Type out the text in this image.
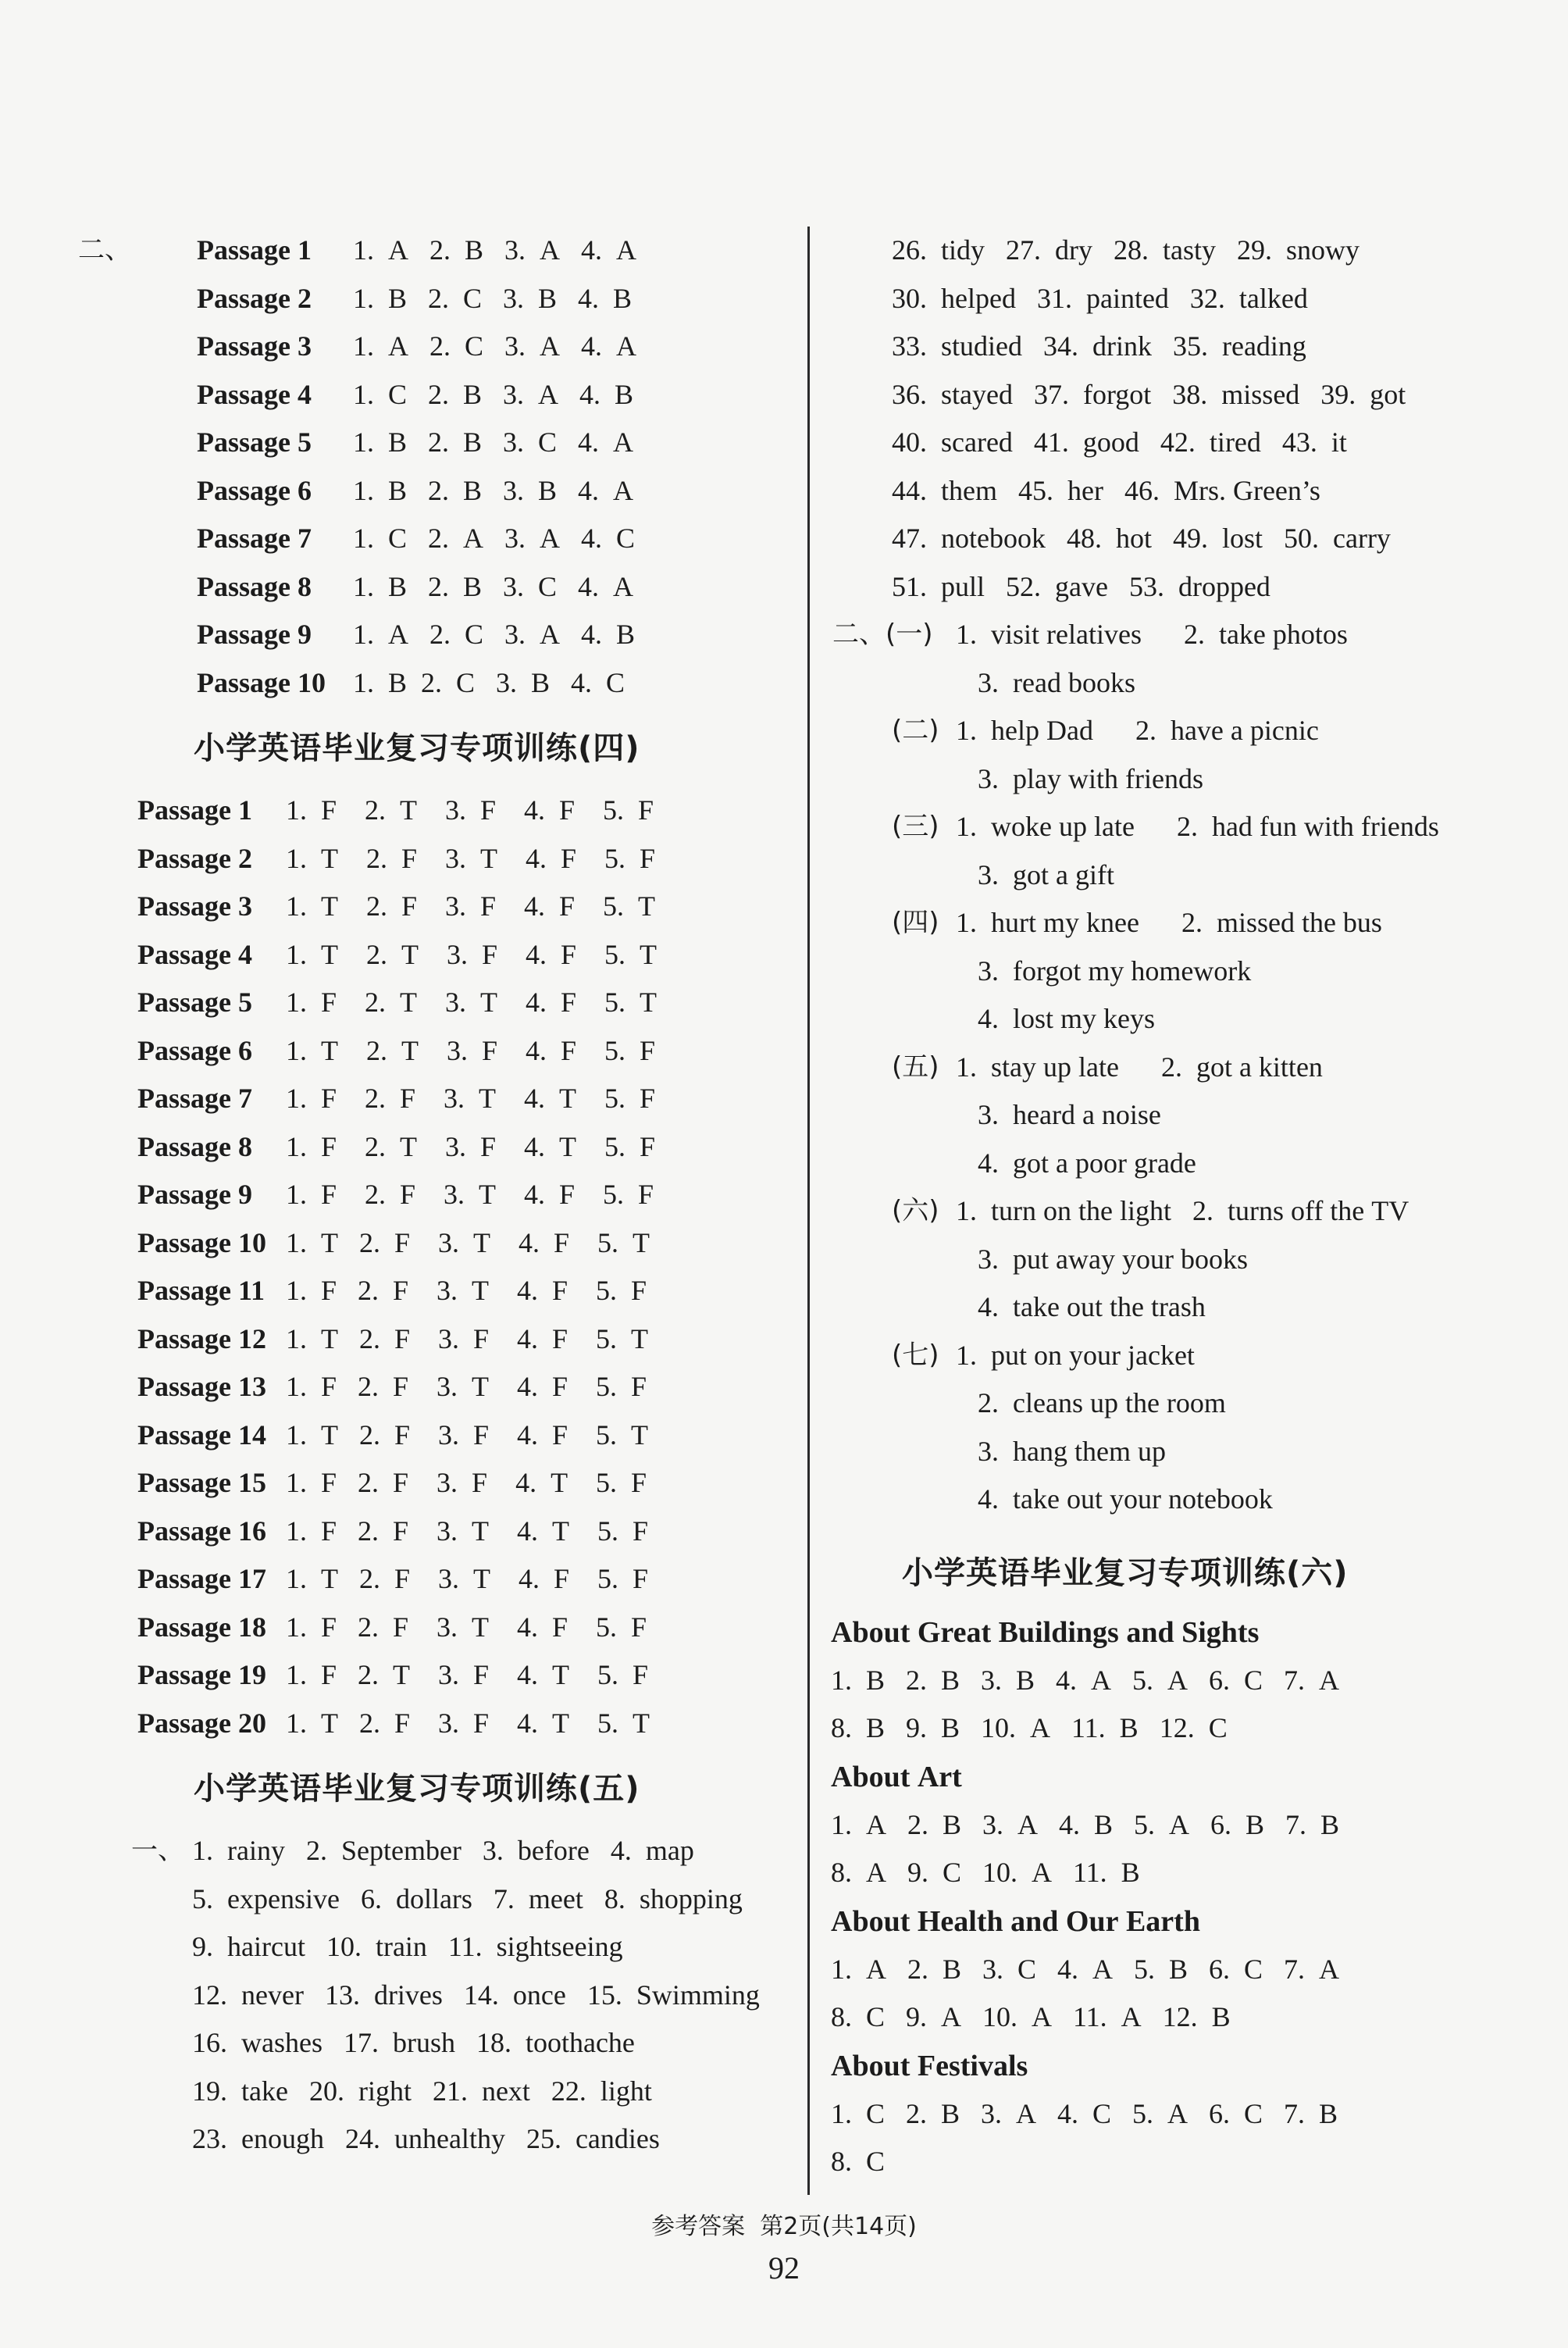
二、 Passage 1 1.  A   2.  B   3.  A   4.  A
Passage 2 1.  B   2.  C   3.  B   4.  B
Passage 3 1.  A   2.  C   3.  A   4.  A
Passage 4 1.  C   2.  B   3.  A   4.  B
Passage 5 1.  B   2.  B   3.  C   4.  A
Passage 6 1.  B   2.  B   3.  B   4.  A
Passage 7 1.  C   2.  A   3.  A   4.  C
Passage 8 1.  B   2.  B   3.  C   4.  A
Passage 9 1.  A   2.  C   3.  A   4.  B
Passage 10 1.  B  2.  C   3.  B   4.  C
小学英语毕业复习专项训练(四)
Passage 1 1.  F    2.  T    3.  F    4.  F    5.  F
Passage 2 1.  T    2.  F    3.  T    4.  F    5.  F
Passage 3 1.  T    2.  F    3.  F    4.  F    5.  T
Passage 4 1.  T    2.  T    3.  F    4.  F    5.  T
Passage 5 1.  F    2.  T    3.  T    4.  F    5.  T
Passage 6 1.  T    2.  T    3.  F    4.  F    5.  F
Passage 7 1.  F    2.  F    3.  T    4.  T    5.  F
Passage 8 1.  F    2.  T    3.  F    4.  T    5.  F
Passage 9 1.  F    2.  F    3.  T    4.  F    5.  F
Passage 10 1.  T   2.  F    3.  T    4.  F    5.  T
Passage 11 1.  F   2.  F    3.  T    4.  F    5.  F
Passage 12 1.  T   2.  F    3.  F    4.  F    5.  T
Passage 13 1.  F   2.  F    3.  T    4.  F    5.  F
Passage 14 1.  T   2.  F    3.  F    4.  F    5.  T
Passage 15 1.  F   2.  F    3.  F    4.  T    5.  F
Passage 16 1.  F   2.  F    3.  T    4.  T    5.  F
Passage 17 1.  T   2.  F    3.  T    4.  F    5.  F
Passage 18 1.  F   2.  F    3.  T    4.  F    5.  F
Passage 19 1.  F   2.  T    3.  F    4.  T    5.  F
Passage 20 1.  T   2.  F    3.  F    4.  T    5.  T
小学英语毕业复习专项训练(五)
一、 1.  rainy   2.  September   3.  before   4.  map
5.  expensive   6.  dollars   7.  meet   8.  shopping
9.  haircut   10.  train   11.  sightseeing
12.  never   13.  drives   14.  once   15.  Swimming
16.  washes   17.  brush   18.  toothache
19.  take   20.  right   21.  next   22.  light
23.  enough   24.  unhealthy   25.  candies
26.  tidy   27.  dry   28.  tasty   29.  snowy
30.  helped   31.  painted   32.  talked
33.  studied   34.  drink   35.  reading
36.  stayed   37.  forgot   38.  missed   39.  got
40.  scared   41.  good   42.  tired   43.  it
44.  them   45.  her   46.  Mrs. Green’s
47.  notebook   48.  hot   49.  lost   50.  carry
51.  pull   52.  gave   53.  dropped
二、 (一) 1.  visit relatives      2.  take photos
3.  read books
(二) 1.  help Dad      2.  have a picnic
3.  play with friends
(三) 1.  woke up late      2.  had fun with friends
3.  got a gift
(四) 1.  hurt my knee      2.  missed the bus
3.  forgot my homework
4.  lost my keys
(五) 1.  stay up late      2.  got a kitten
3.  heard a noise
4.  got a poor grade
(六) 1.  turn on the light   2.  turns off the TV
3.  put away your books
4.  take out the trash
(七) 1.  put on your jacket
2.  cleans up the room
3.  hang them up
4.  take out your notebook
小学英语毕业复习专项训练(六)
About Great Buildings and Sights
1.  B   2.  B   3.  B   4.  A   5.  A   6.  C   7.  A
8.  B   9.  B   10.  A   11.  B   12.  C
About Art
1.  A   2.  B   3.  A   4.  B   5.  A   6.  B   7.  B
8.  A   9.  C   10.  A   11.  B
About Health and Our Earth
1.  A   2.  B   3.  C   4.  A   5.  B   6.  C   7.  A
8.  C   9.  A   10.  A   11.  A   12.  B
About Festivals
1.  C   2.  B   3.  A   4.  C   5.  A   6.  C   7.  B
8.  C
参考答案  第2页(共14页)
92
